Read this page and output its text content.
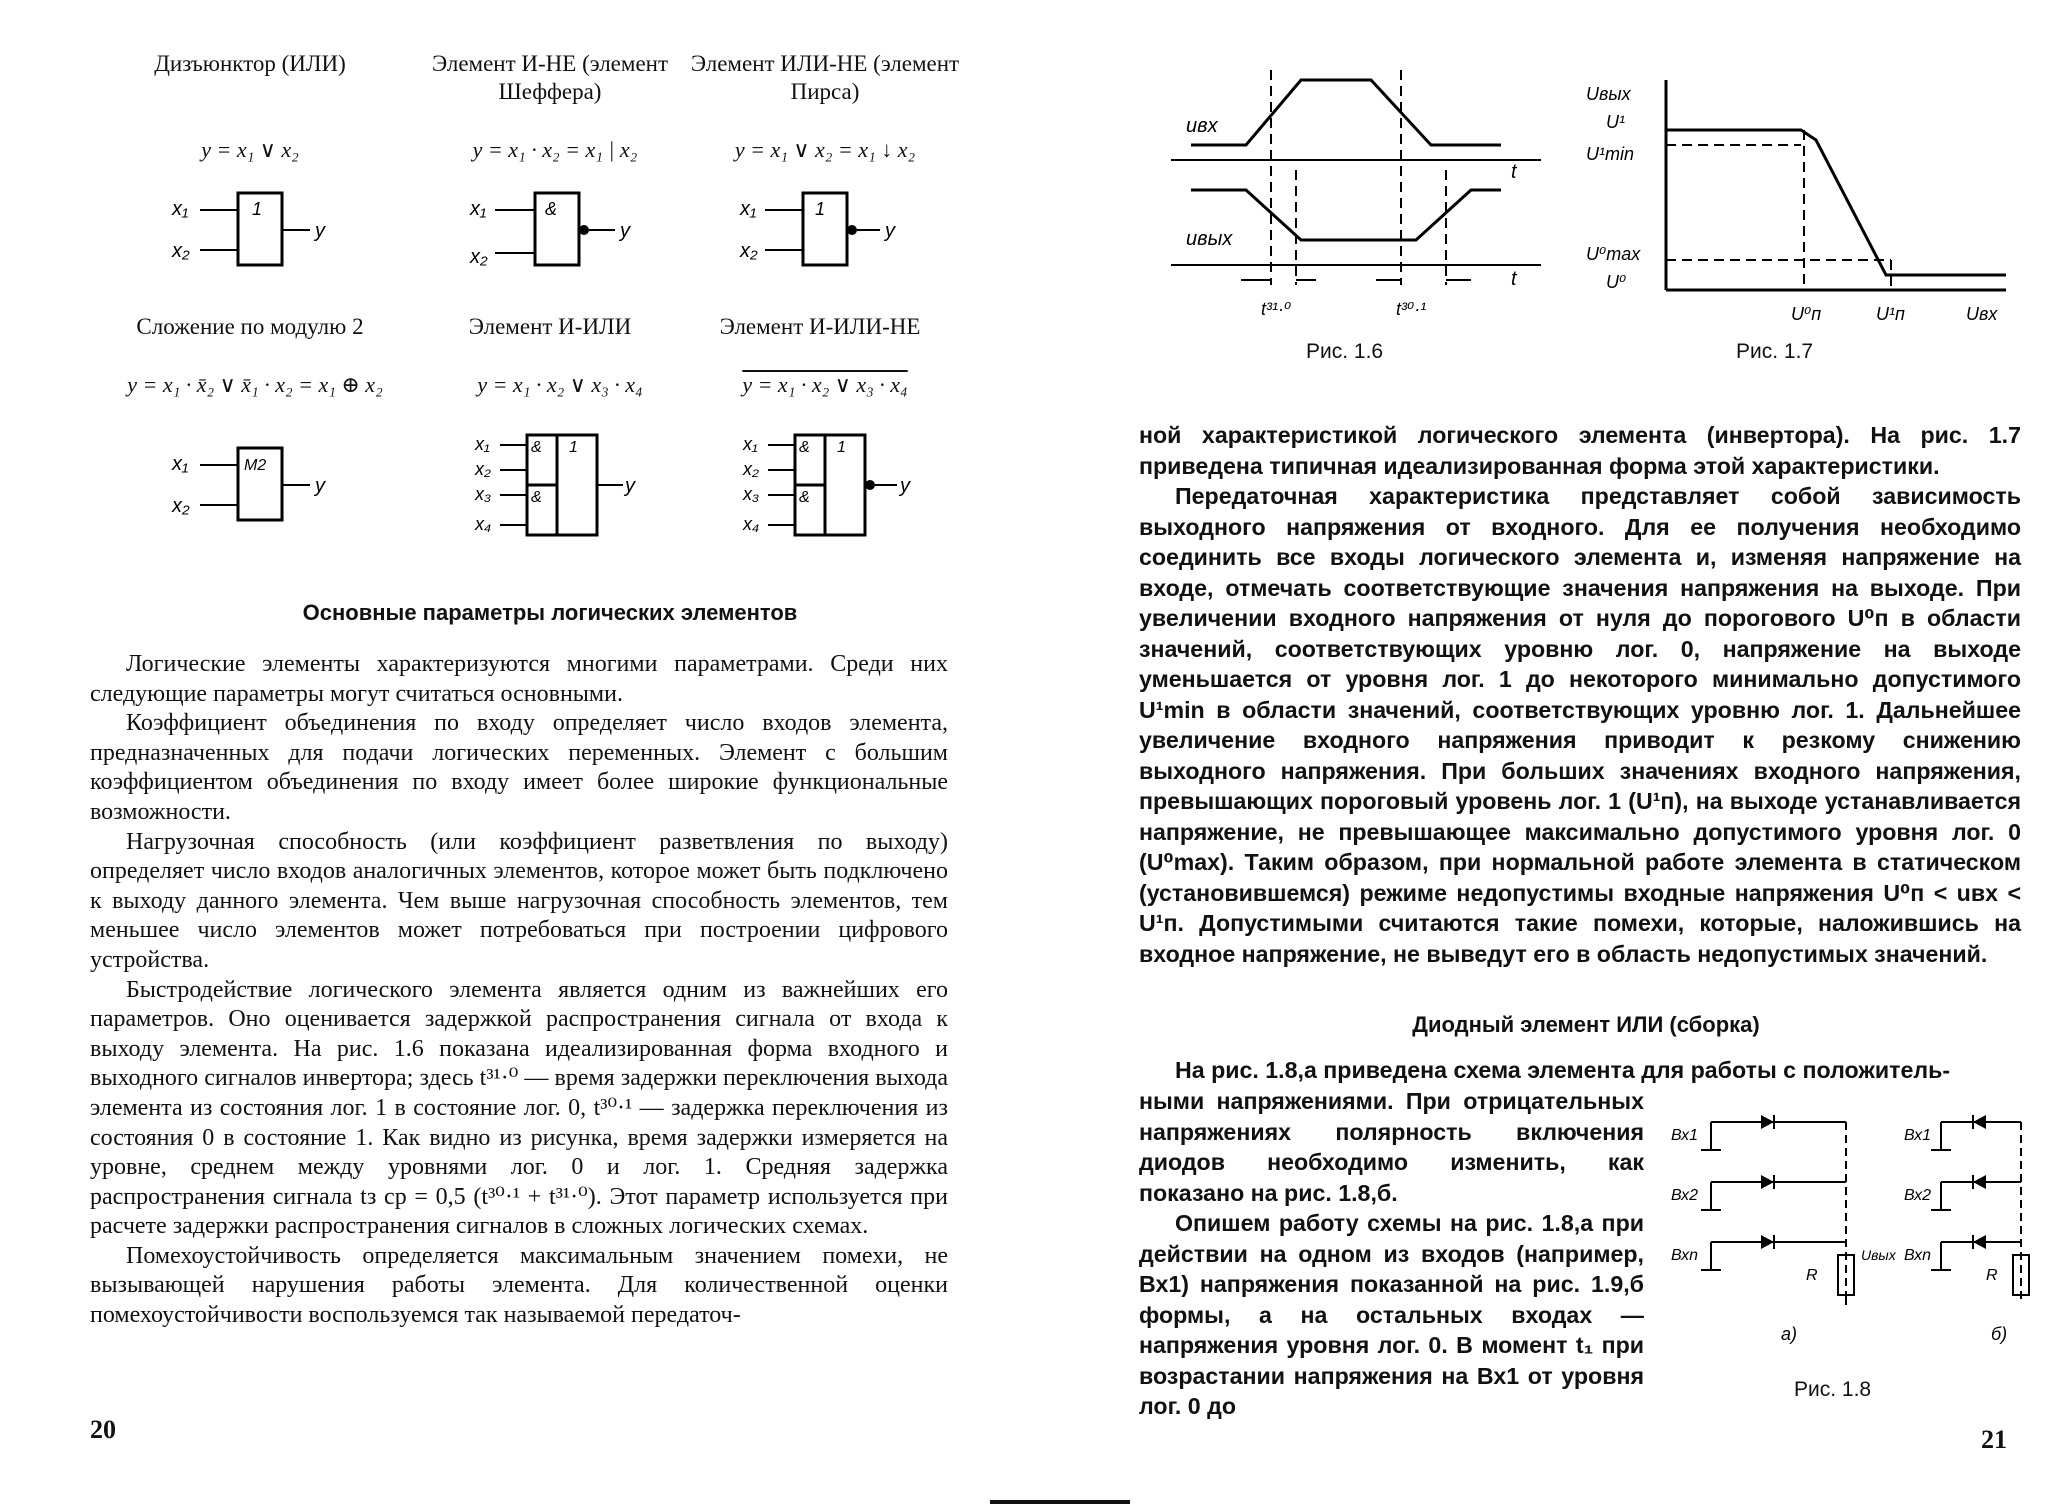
Дизъюнктор (ИЛИ)	Элемент И-НЕ (элемент Шеффера)
Элемент ИЛИ-НЕ (элемент Пирса)
y = x₁ ∨ x₂	y = x₁ · x₂ = x₁ | x₂	y = x₁ ∨ x₂ = x₁ ↓ x₂
x₁
x₂
1
y
x₁
x₂
&
y
x₁
x₂
1
y
Сложение по модулю 2	Элемент И-ИЛИ	Элемент И-ИЛИ-НЕ
y = x₁ · x̄₂ ∨ x̄₁ · x₂ = x₁ ⊕ x₂	y = x₁ · x₂ ∨ x₃ · x₄	y = x₁ · x₂ ∨ x₃ · x₄
x₁
x₂
M2
y
x₁
x₂
x₃
x₄
&
&
1
y
x₁
x₂
x₃
x₄
&
&
1
y
Основные параметры логических элементов

Логические элементы характеризуются многими параметрами. Среди них следующие параметры могут считаться основными.

Коэффициент объединения по входу определяет число входов элемента, предназначенных для подачи логических переменных. Элемент с большим коэффициентом объединения по входу имеет более широкие функциональные возможности.

Нагрузочная способность (или коэффициент разветвления по выходу) определяет число входов аналогичных элементов, которое может быть подключено к выходу данного элемента. Чем выше нагрузочная способность элементов, тем меньшее число элементов может потребоваться при построении цифрового устройства.

Быстродействие логического элемента является одним из важнейших его параметров. Оно оценивается задержкой распространения сигнала от входа к выходу элемента. На рис. 1.6 показана идеализированная форма входного и выходного сигналов инвертора; здесь t³¹·⁰ — время задержки переключения выхода элемента из состояния лог. 1 в состояние лог. 0, t³⁰·¹ — задержка переключения из состояния 0 в состояние 1. Как видно из рисунка, время задержки измеряется на уровне, среднем между уровнями лог. 0 и лог. 1. Средняя задержка распространения сигнала tз ср = 0,5 (t³⁰·¹ + t³¹·⁰). Этот параметр используется при расчете задержки распространения сигналов в сложных логических схемах.

Помехоустойчивость определяется максимальным значением помехи, не вызывающей нарушения работы элемента. Для количественной оценки помехоустойчивости воспользуемся так называемой передаточ-

20
uвх
uвых
t
t
t³¹·⁰	t³⁰·¹
Рис. 1.6
Uвых
U¹
U¹min
U⁰max
U⁰
U⁰п	U¹п	Uвх
Рис. 1.7

ной характеристикой логического элемента (инвертора). На рис. 1.7 приведена типичная идеализированная форма этой характеристики.

Передаточная характеристика представляет собой зависимость выходного напряжения от входного. Для ее получения необходимо соединить все входы логического элемента и, изменяя напряжение на входе, отмечать соответствующие значения напряжения на выходе. При увеличении входного напряжения от нуля до порогового U⁰п в области значений, соответствующих уровню лог. 0, напряжение на выходе уменьшается от уровня лог. 1 до некоторого минимально допустимого U¹min в области значений, соответствующих уровню лог. 1. Дальнейшее увеличение входного напряжения приводит к резкому снижению выходного напряжения. При больших значениях входного напряжения, превышающих пороговый уровень лог. 1 (U¹п), на выходе устанавливается напряжение, не превышающее максимально допустимого уровня лог. 0 (U⁰max). Таким образом, при нормальной работе элемента в статическом (установившемся) режиме недопустимы входные напряжения U⁰п < uвх < U¹п. Допустимыми считаются такие помехи, которые, наложившись на входное напряжение, не выведут его в область недопустимых значений.

Диодный элемент ИЛИ (сборка)

На рис. 1.8,а приведена схема элемента для работы с положитель-

ными напряжениями. При отрицательных напряжениях полярность включения диодов необходимо изменить, как показано на рис. 1.8,б.

Опишем работу схемы на рис. 1.8,а при действии на одном из входов (например, Вх1) напряжения показанной на рис. 1.9,б формы, а на остальных входах — напряжения уровня лог. 0. В момент t₁ при возрастании напряжения на Вх1 от уровня лог. 0 до

Вх1
Вх2
Вхn
R
Uвых
а)
Вх1
Вх2
Вхn
R
б)
Рис. 1.8
21
